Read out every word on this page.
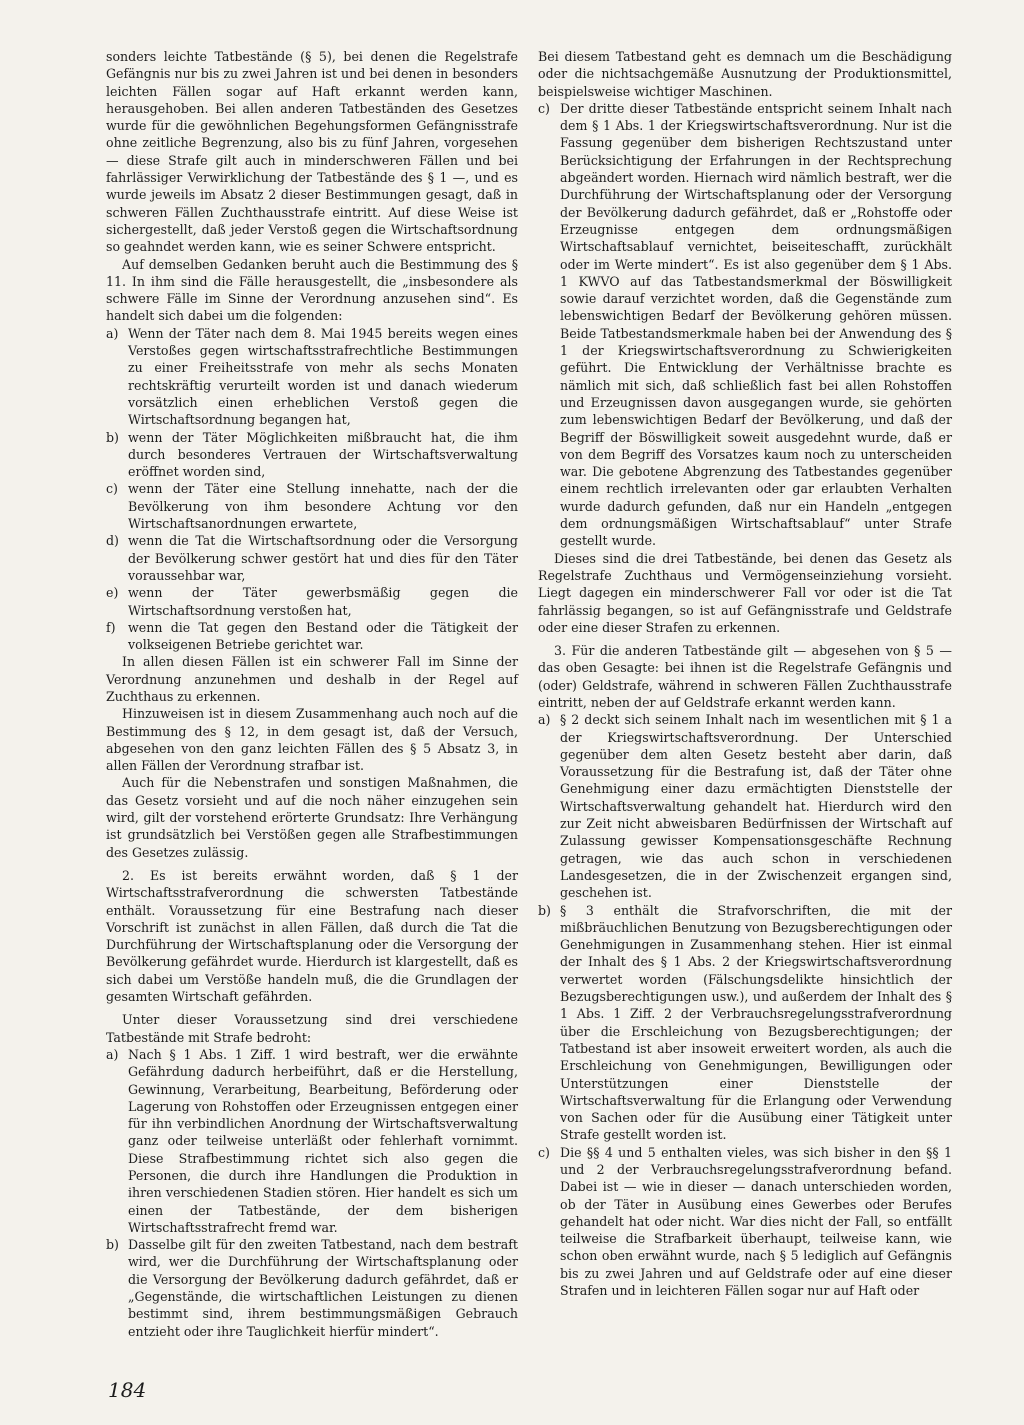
sonders leichte Tatbestände (§ 5), bei denen die Regelstrafe Gefängnis nur bis zu zwei Jahren ist und bei denen in besonders leichten Fällen sogar auf Haft erkannt werden kann, herausgehoben. Bei allen anderen Tatbeständen des Gesetzes wurde für die gewöhnlichen Begehungsformen Gefängnisstrafe ohne zeitliche Begrenzung, also bis zu fünf Jahren, vorgesehen — diese Strafe gilt auch in minderschweren Fällen und bei fahrlässiger Verwirklichung der Tatbestände des § 1 —, und es wurde jeweils im Absatz 2 dieser Bestimmungen gesagt, daß in schweren Fällen Zuchthausstrafe eintritt. Auf diese Weise ist sichergestellt, daß jeder Verstoß gegen die Wirtschaftsordnung so geahndet werden kann, wie es seiner Schwere entspricht.

Auf demselben Gedanken beruht auch die Bestimmung des § 11. In ihm sind die Fälle herausgestellt, die „insbesondere als schwere Fälle im Sinne der Verordnung anzusehen sind“. Es handelt sich dabei um die folgenden:

a) Wenn der Täter nach dem 8. Mai 1945 bereits wegen eines Verstoßes gegen wirtschaftsstrafrechtliche Bestimmungen zu einer Freiheitsstrafe von mehr als sechs Monaten rechtskräftig verurteilt worden ist und danach wiederum vorsätzlich einen erheblichen Verstoß gegen die Wirtschaftsordnung begangen hat,
b) wenn der Täter Möglichkeiten mißbraucht hat, die ihm durch besonderes Vertrauen der Wirtschaftsverwaltung eröffnet worden sind,
c) wenn der Täter eine Stellung innehatte, nach der die Bevölkerung von ihm besondere Achtung vor den Wirtschaftsanordnungen erwartete,
d) wenn die Tat die Wirtschaftsordnung oder die Versorgung der Bevölkerung schwer gestört hat und dies für den Täter voraussehbar war,
e) wenn der Täter gewerbsmäßig gegen die Wirtschaftsordnung verstoßen hat,
f) wenn die Tat gegen den Bestand oder die Tätigkeit der volkseigenen Betriebe gerichtet war.

In allen diesen Fällen ist ein schwerer Fall im Sinne der Verordnung anzunehmen und deshalb in der Regel auf Zuchthaus zu erkennen.

Hinzuweisen ist in diesem Zusammenhang auch noch auf die Bestimmung des § 12, in dem gesagt ist, daß der Versuch, abgesehen von den ganz leichten Fällen des § 5 Absatz 3, in allen Fällen der Verordnung strafbar ist.

Auch für die Nebenstrafen und sonstigen Maßnahmen, die das Gesetz vorsieht und auf die noch näher einzugehen sein wird, gilt der vorstehend erörterte Grundsatz: Ihre Verhängung ist grundsätzlich bei Verstößen gegen alle Strafbestimmungen des Gesetzes zulässig.

2. Es ist bereits erwähnt worden, daß § 1 der Wirtschaftsstrafverordnung die schwersten Tatbestände enthält. Voraussetzung für eine Bestrafung nach dieser Vorschrift ist zunächst in allen Fällen, daß durch die Tat die Durchführung der Wirtschaftsplanung oder die Versorgung der Bevölkerung gefährdet wurde. Hierdurch ist klargestellt, daß es sich dabei um Verstöße handeln muß, die die Grundlagen der gesamten Wirtschaft gefährden.

Unter dieser Voraussetzung sind drei verschiedene Tatbestände mit Strafe bedroht:

a) Nach § 1 Abs. 1 Ziff. 1 wird bestraft, wer die erwähnte Gefährdung dadurch herbeiführt, daß er die Herstellung, Gewinnung, Verarbeitung, Bearbeitung, Beförderung oder Lagerung von Rohstoffen oder Erzeugnissen entgegen einer für ihn verbindlichen Anordnung der Wirtschaftsverwaltung ganz oder teilweise unterläßt oder fehlerhaft vornimmt. Diese Strafbestimmung richtet sich also gegen die Personen, die durch ihre Handlungen die Produktion in ihren verschiedenen Stadien stören. Hier handelt es sich um einen der Tatbestände, der dem bisherigen Wirtschaftsstrafrecht fremd war.
b) Dasselbe gilt für den zweiten Tatbestand, nach dem bestraft wird, wer die Durchführung der Wirtschaftsplanung oder die Versorgung der Bevölkerung dadurch gefährdet, daß er „Gegenstände, die wirtschaftlichen Leistungen zu dienen bestimmt sind, ihrem bestimmungsmäßigen Gebrauch entzieht oder ihre Tauglichkeit hierfür mindert“.

Bei diesem Tatbestand geht es demnach um die Beschädigung oder die nichtsachgemäße Ausnutzung der Produktionsmittel, beispielsweise wichtiger Maschinen.

c) Der dritte dieser Tatbestände entspricht seinem Inhalt nach dem § 1 Abs. 1 der Kriegswirtschaftsverordnung. Nur ist die Fassung gegenüber dem bisherigen Rechtszustand unter Berücksichtigung der Erfahrungen in der Rechtsprechung abgeändert worden. Hiernach wird nämlich bestraft, wer die Durchführung der Wirtschaftsplanung oder der Versorgung der Bevölkerung dadurch gefährdet, daß er „Rohstoffe oder Erzeugnisse entgegen dem ordnungsmäßigen Wirtschaftsablauf vernichtet, beiseiteschafft, zurückhält oder im Werte mindert“. Es ist also gegenüber dem § 1 Abs. 1 KWVO auf das Tatbestandsmerkmal der Böswilligkeit sowie darauf verzichtet worden, daß die Gegenstände zum lebenswichtigen Bedarf der Bevölkerung gehören müssen. Beide Tatbestandsmerkmale haben bei der Anwendung des § 1 der Kriegswirtschaftsverordnung zu Schwierigkeiten geführt. Die Entwicklung der Verhältnisse brachte es nämlich mit sich, daß schließlich fast bei allen Rohstoffen und Erzeugnissen davon ausgegangen wurde, sie gehörten zum lebenswichtigen Bedarf der Bevölkerung, und daß der Begriff der Böswilligkeit soweit ausgedehnt wurde, daß er von dem Begriff des Vorsatzes kaum noch zu unterscheiden war. Die gebotene Abgrenzung des Tatbestandes gegenüber einem rechtlich irrelevanten oder gar erlaubten Verhalten wurde dadurch gefunden, daß nur ein Handeln „entgegen dem ordnungsmäßigen Wirtschaftsablauf“ unter Strafe gestellt wurde.

Dieses sind die drei Tatbestände, bei denen das Gesetz als Regelstrafe Zuchthaus und Vermögenseinziehung vorsieht. Liegt dagegen ein minderschwerer Fall vor oder ist die Tat fahrlässig begangen, so ist auf Gefängnisstrafe und Geldstrafe oder eine dieser Strafen zu erkennen.

3. Für die anderen Tatbestände gilt — abgesehen von § 5 — das oben Gesagte: bei ihnen ist die Regelstrafe Gefängnis und (oder) Geldstrafe, während in schweren Fällen Zuchthausstrafe eintritt, neben der auf Geldstrafe erkannt werden kann.

a) § 2 deckt sich seinem Inhalt nach im wesentlichen mit § 1 a der Kriegswirtschaftsverordnung. Der Unterschied gegenüber dem alten Gesetz besteht aber darin, daß Voraussetzung für die Bestrafung ist, daß der Täter ohne Genehmigung einer dazu ermächtigten Dienststelle der Wirtschaftsverwaltung gehandelt hat. Hierdurch wird den zur Zeit nicht abweisbaren Bedürfnissen der Wirtschaft auf Zulassung gewisser Kompensationsgeschäfte Rechnung getragen, wie das auch schon in verschiedenen Landesgesetzen, die in der Zwischenzeit ergangen sind, geschehen ist.
b) § 3 enthält die Strafvorschriften, die mit der mißbräuchlichen Benutzung von Bezugsberechtigungen oder Genehmigungen in Zusammenhang stehen. Hier ist einmal der Inhalt des § 1 Abs. 2 der Kriegswirtschaftsverordnung verwertet worden (Fälschungsdelikte hinsichtlich der Bezugsberechtigungen usw.), und außerdem der Inhalt des § 1 Abs. 1 Ziff. 2 der Verbrauchsregelungsstrafverordnung über die Erschleichung von Bezugsberechtigungen; der Tatbestand ist aber insoweit erweitert worden, als auch die Erschleichung von Genehmigungen, Bewilligungen oder Unterstützungen einer Dienststelle der Wirtschaftsverwaltung für die Erlangung oder Verwendung von Sachen oder für die Ausübung einer Tätigkeit unter Strafe gestellt worden ist.
c) Die §§ 4 und 5 enthalten vieles, was sich bisher in den §§ 1 und 2 der Verbrauchsregelungsstrafverordnung befand. Dabei ist — wie in dieser — danach unterschieden worden, ob der Täter in Ausübung eines Gewerbes oder Berufes gehandelt hat oder nicht. War dies nicht der Fall, so entfällt teilweise die Strafbarkeit überhaupt, teilweise kann, wie schon oben erwähnt wurde, nach § 5 lediglich auf Gefängnis bis zu zwei Jahren und auf Geldstrafe oder auf eine dieser Strafen und in leichteren Fällen sogar nur auf Haft oder
184
